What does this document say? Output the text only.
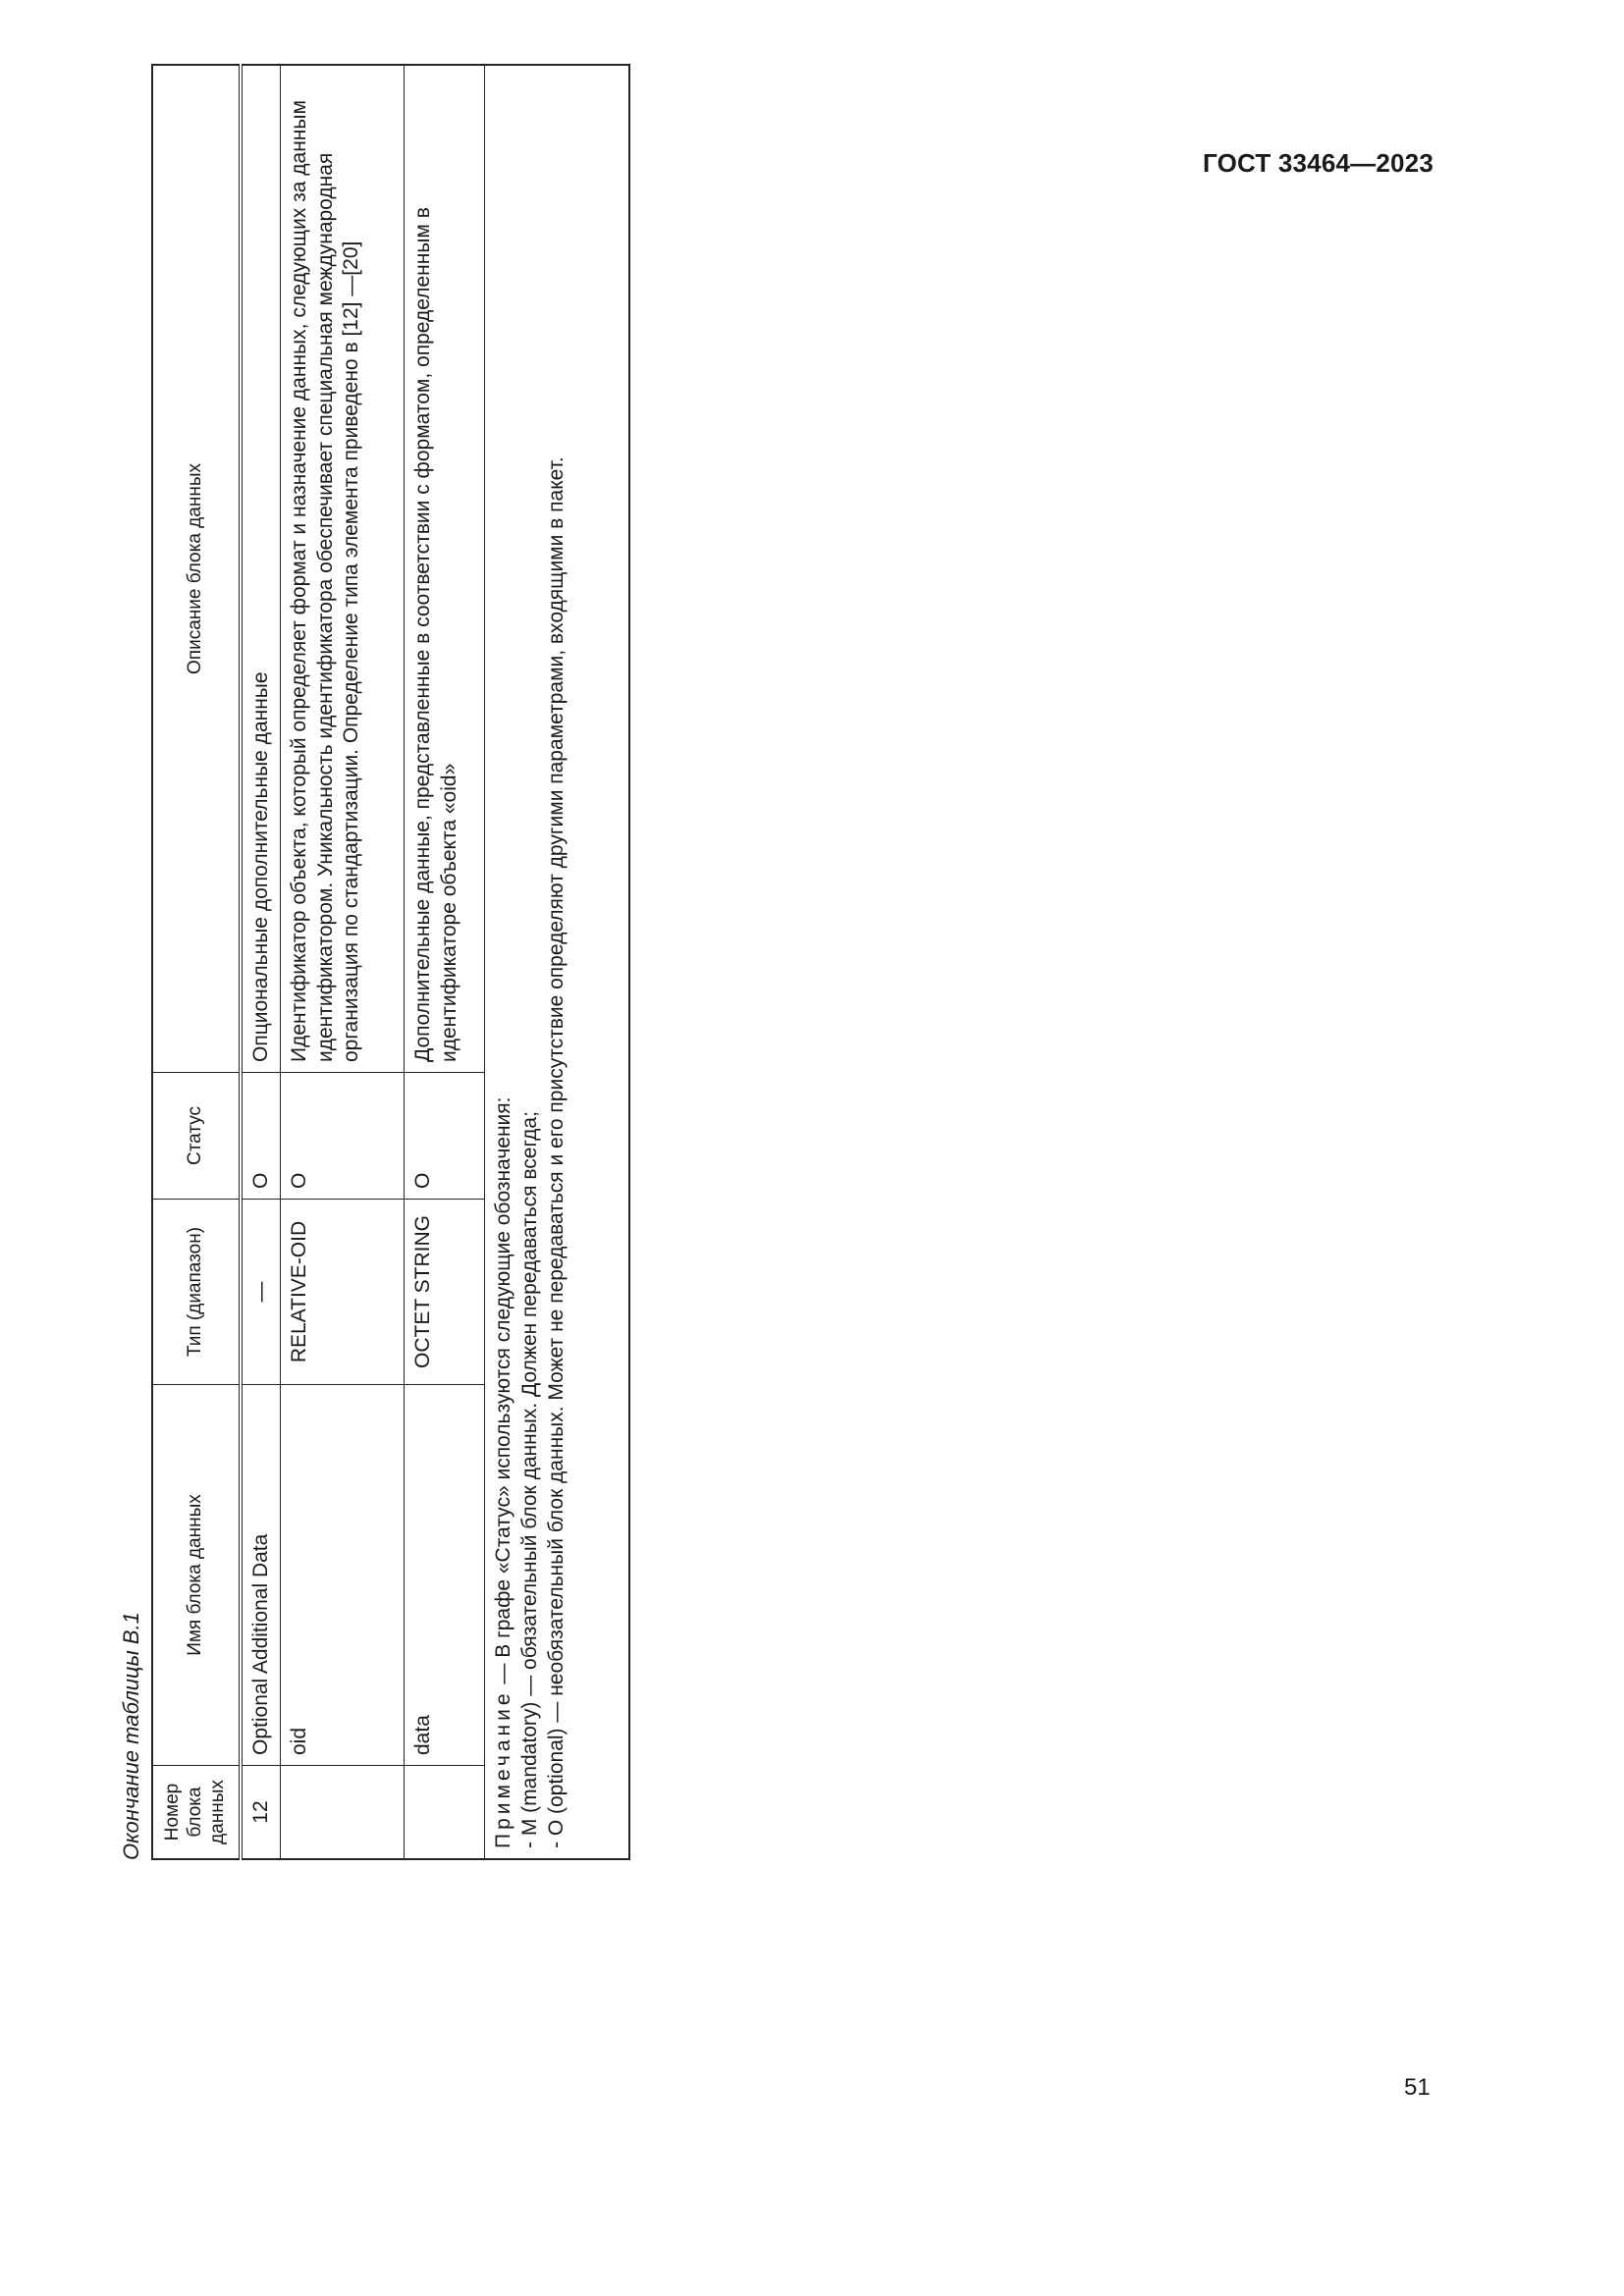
ГОСТ 33464—2023
Окончание таблицы В.1	Номер блока данных	Имя блока данных	Тип (диапазон)	Статус	Описание блока данных
12	Optional Additional Data	—	O	Опциональные дополнительные данные
	oid	RELATIVE-OID	O	Идентификатор объекта, который определяет формат и назначение данных, следующих за данным идентификатором. Уникальность идентификатора обеспечивает специальная международная организация по стандартизации. Определение типа элемента приведено в [12] —[20]
	data	OCTET STRING	O	Дополнительные данные, представленные в соответствии с форматом, определенным в идентификаторе объекта «oid»

Примечание — В графе «Статус» используются следующие обозначения: - M (mandatory) — обязательный блок данных. Должен передаваться всегда; - O (optional) — необязательный блок данных. Может не передаваться и его присутствие определяют другими параметрами, входящими в пакет.				
51
